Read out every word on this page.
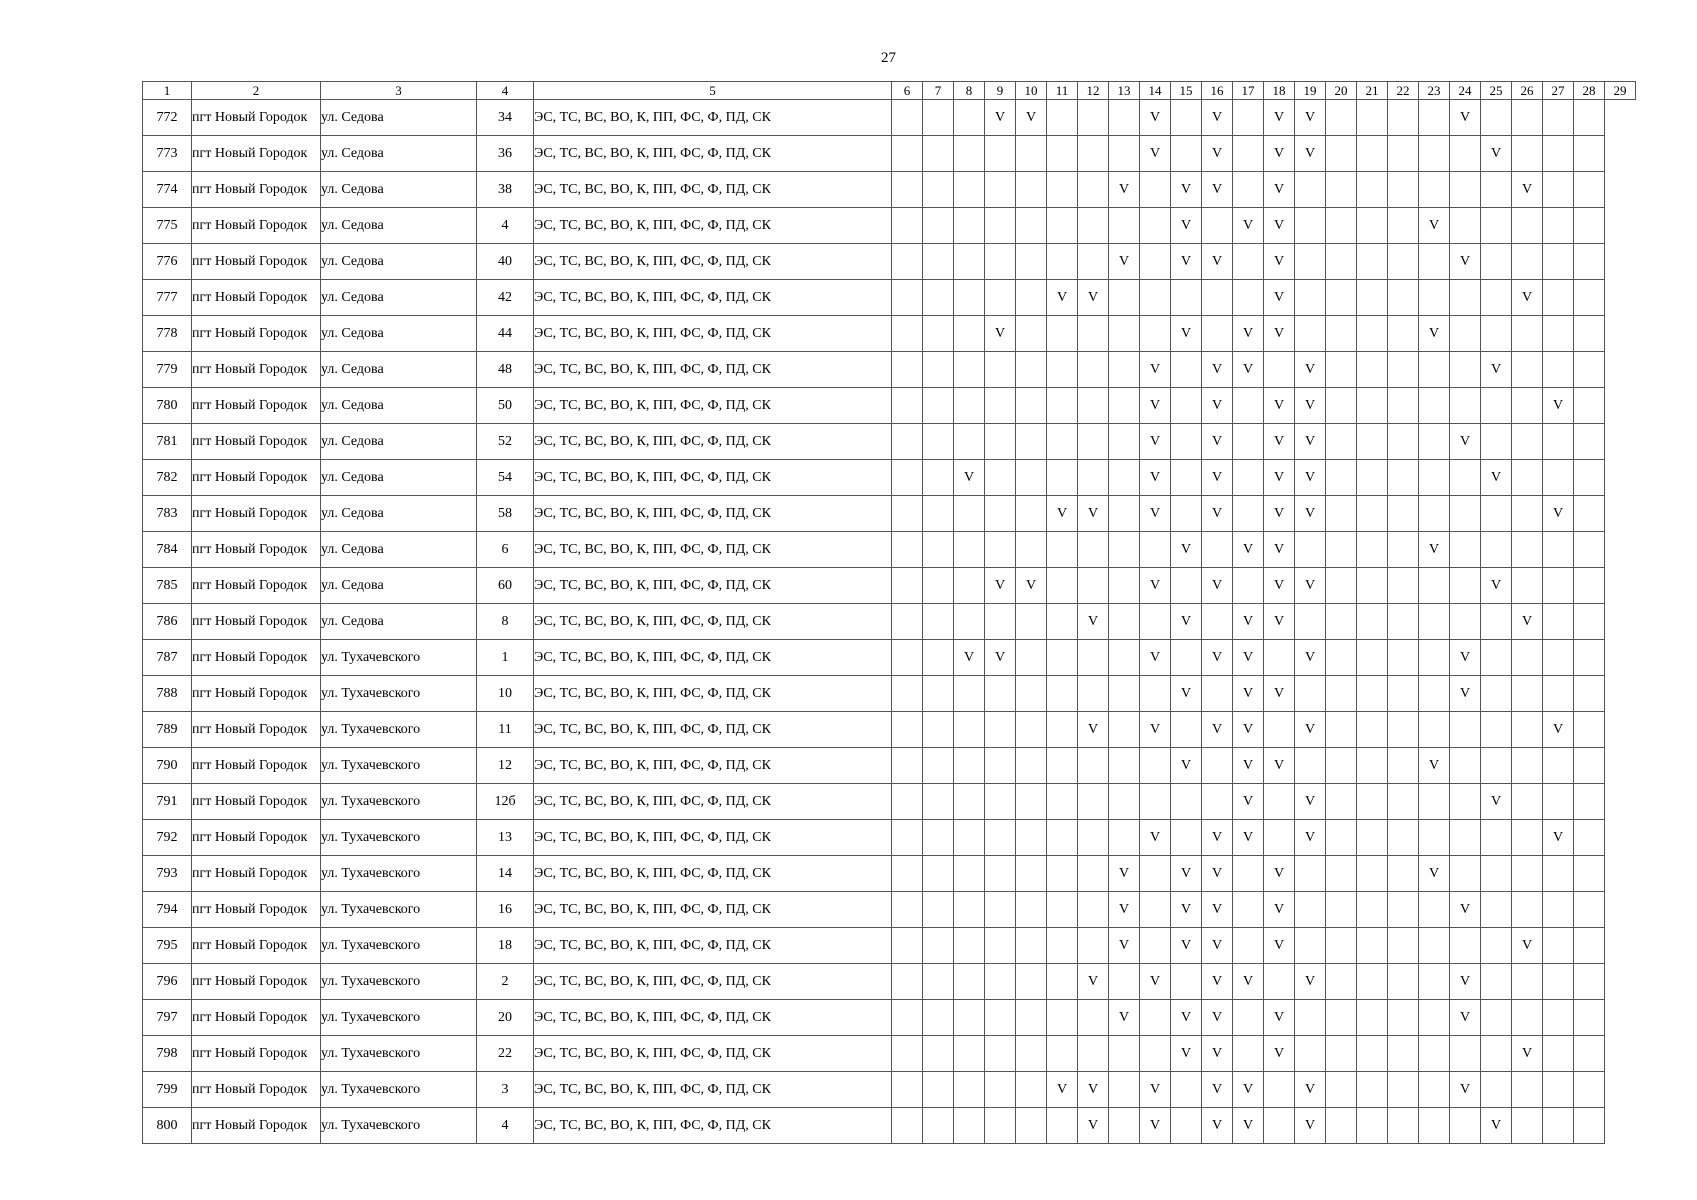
27
1	2	3	4	5	6	7	8	9	10	11	12	13	14	15	16	17	18	19	20	21	22	23	24	25	26	27	28	29
772	пгт Новый Городок	ул. Седова	34	ЭС, ТС, ВС, ВО, К, ПП, ФС, Ф, ПД, СК				V	V				V		V		V	V					V					
773	пгт Новый Городок	ул. Седова	36	ЭС, ТС, ВС, ВО, К, ПП, ФС, Ф, ПД, СК									V		V		V	V						V				
774	пгт Новый Городок	ул. Седова	38	ЭС, ТС, ВС, ВО, К, ПП, ФС, Ф, ПД, СК								V		V	V		V								V			
775	пгт Новый Городок	ул. Седова	4	ЭС, ТС, ВС, ВО, К, ПП, ФС, Ф, ПД, СК										V		V	V					V						
776	пгт Новый Городок	ул. Седова	40	ЭС, ТС, ВС, ВО, К, ПП, ФС, Ф, ПД, СК								V		V	V		V						V					
777	пгт Новый Городок	ул. Седова	42	ЭС, ТС, ВС, ВО, К, ПП, ФС, Ф, ПД, СК						V	V						V								V			
778	пгт Новый Городок	ул. Седова	44	ЭС, ТС, ВС, ВО, К, ПП, ФС, Ф, ПД, СК				V						V		V	V					V						
779	пгт Новый Городок	ул. Седова	48	ЭС, ТС, ВС, ВО, К, ПП, ФС, Ф, ПД, СК									V		V	V		V						V				
780	пгт Новый Городок	ул. Седова	50	ЭС, ТС, ВС, ВО, К, ПП, ФС, Ф, ПД, СК									V		V		V	V								V		
781	пгт Новый Городок	ул. Седова	52	ЭС, ТС, ВС, ВО, К, ПП, ФС, Ф, ПД, СК									V		V		V	V					V					
782	пгт Новый Городок	ул. Седова	54	ЭС, ТС, ВС, ВО, К, ПП, ФС, Ф, ПД, СК			V						V		V		V	V						V				
783	пгт Новый Городок	ул. Седова	58	ЭС, ТС, ВС, ВО, К, ПП, ФС, Ф, ПД, СК						V	V		V		V		V	V								V		
784	пгт Новый Городок	ул. Седова	6	ЭС, ТС, ВС, ВО, К, ПП, ФС, Ф, ПД, СК										V		V	V					V						
785	пгт Новый Городок	ул. Седова	60	ЭС, ТС, ВС, ВО, К, ПП, ФС, Ф, ПД, СК				V	V				V		V		V	V						V				
786	пгт Новый Городок	ул. Седова	8	ЭС, ТС, ВС, ВО, К, ПП, ФС, Ф, ПД, СК							V			V		V	V								V			
787	пгт Новый Городок	ул. Тухачевского	1	ЭС, ТС, ВС, ВО, К, ПП, ФС, Ф, ПД, СК			V	V					V		V	V		V					V					
788	пгт Новый Городок	ул. Тухачевского	10	ЭС, ТС, ВС, ВО, К, ПП, ФС, Ф, ПД, СК										V		V	V						V					
789	пгт Новый Городок	ул. Тухачевского	11	ЭС, ТС, ВС, ВО, К, ПП, ФС, Ф, ПД, СК							V		V		V	V		V								V		
790	пгт Новый Городок	ул. Тухачевского	12	ЭС, ТС, ВС, ВО, К, ПП, ФС, Ф, ПД, СК										V		V	V					V						
791	пгт Новый Городок	ул. Тухачевского	12б	ЭС, ТС, ВС, ВО, К, ПП, ФС, Ф, ПД, СК												V		V						V				
792	пгт Новый Городок	ул. Тухачевского	13	ЭС, ТС, ВС, ВО, К, ПП, ФС, Ф, ПД, СК									V		V	V		V								V		
793	пгт Новый Городок	ул. Тухачевского	14	ЭС, ТС, ВС, ВО, К, ПП, ФС, Ф, ПД, СК								V		V	V		V					V						
794	пгт Новый Городок	ул. Тухачевского	16	ЭС, ТС, ВС, ВО, К, ПП, ФС, Ф, ПД, СК								V		V	V		V						V					
795	пгт Новый Городок	ул. Тухачевского	18	ЭС, ТС, ВС, ВО, К, ПП, ФС, Ф, ПД, СК								V		V	V		V								V			
796	пгт Новый Городок	ул. Тухачевского	2	ЭС, ТС, ВС, ВО, К, ПП, ФС, Ф, ПД, СК							V		V		V	V		V					V					
797	пгт Новый Городок	ул. Тухачевского	20	ЭС, ТС, ВС, ВО, К, ПП, ФС, Ф, ПД, СК								V		V	V		V						V					
798	пгт Новый Городок	ул. Тухачевского	22	ЭС, ТС, ВС, ВО, К, ПП, ФС, Ф, ПД, СК										V	V		V								V			
799	пгт Новый Городок	ул. Тухачевского	3	ЭС, ТС, ВС, ВО, К, ПП, ФС, Ф, ПД, СК						V	V		V		V	V		V					V					
800	пгт Новый Городок	ул. Тухачевского	4	ЭС, ТС, ВС, ВО, К, ПП, ФС, Ф, ПД, СК							V		V		V	V		V						V				
